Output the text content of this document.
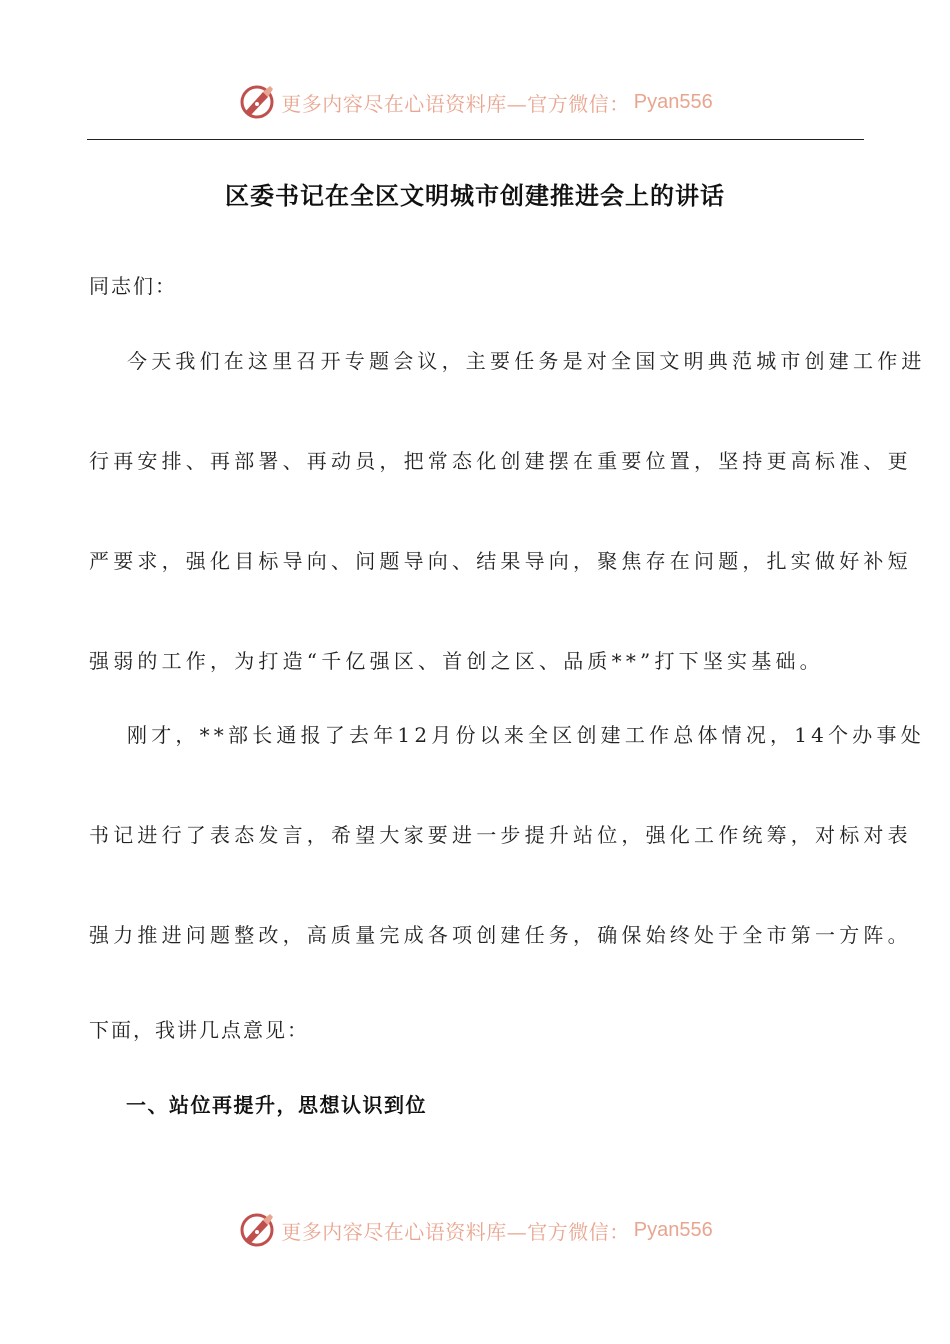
更多内容尽在心语资料库—官方微信： Pyan556
区委书记在全区文明城市创建推进会上的讲话
同志们：
今天我们在这里召开专题会议，主要任务是对全国文明典范城市创建工作进
行再安排、再部署、再动员，把常态化创建摆在重要位置，坚持更高标准、更
严要求，强化目标导向、问题导向、结果导向，聚焦存在问题，扎实做好补短
强弱的工作，为打造“千亿强区、首创之区、品质**”打下坚实基础。
刚才，**部长通报了去年12月份以来全区创建工作总体情况，14个办事处
书记进行了表态发言，希望大家要进一步提升站位，强化工作统筹，对标对表
强力推进问题整改，高质量完成各项创建任务，确保始终处于全市第一方阵。
下面，我讲几点意见：
一、站位再提升，思想认识到位
更多内容尽在心语资料库—官方微信： Pyan556
